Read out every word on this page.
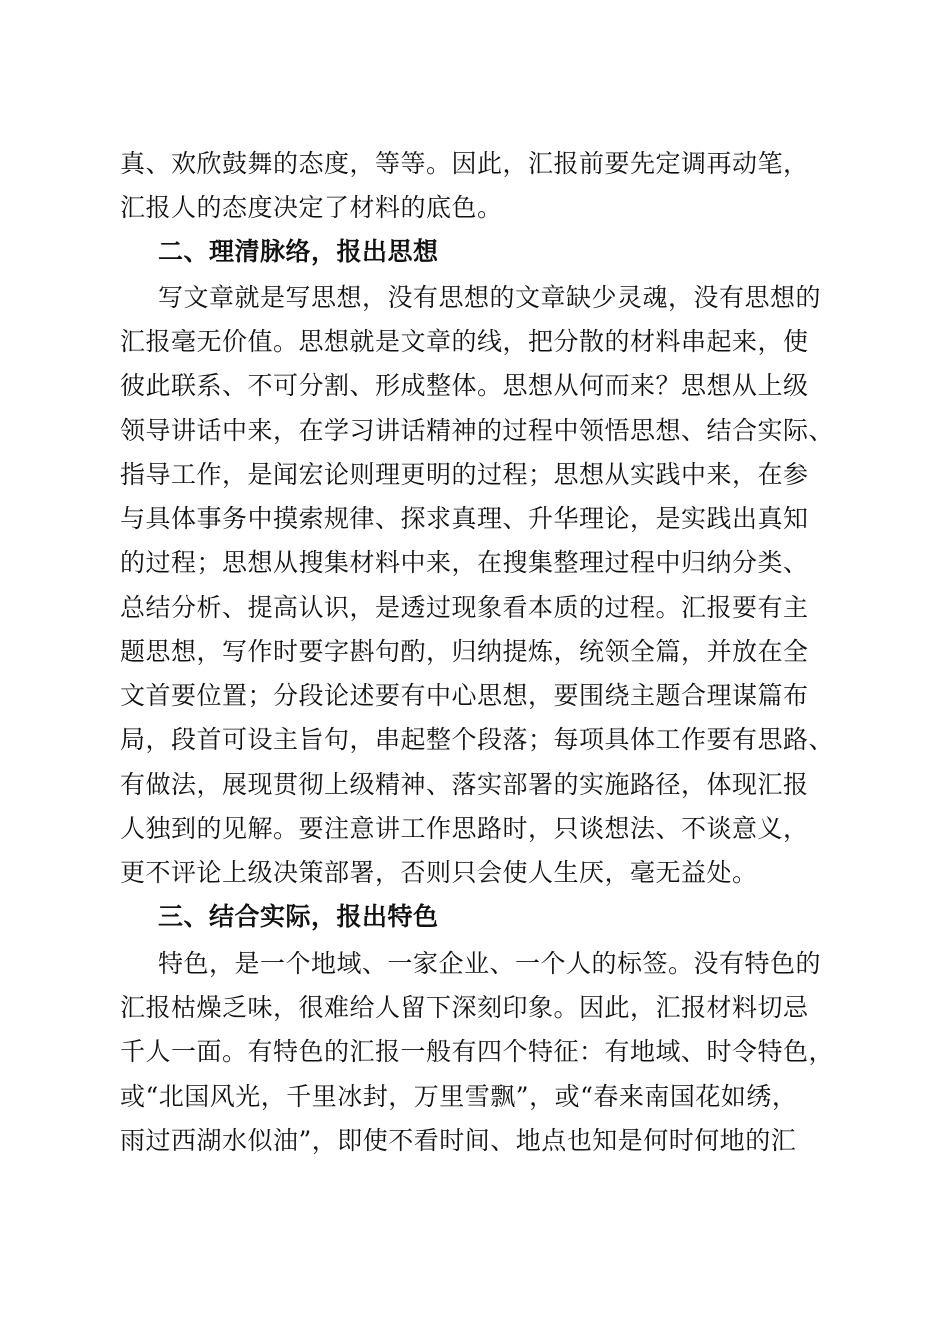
真、欢欣鼓舞的态度，等等。因此，汇报前要先定调再动笔，
汇报人的态度决定了材料的底色。
二、理清脉络，报出思想
写文章就是写思想，没有思想的文章缺少灵魂，没有思想的
汇报毫无价值。思想就是文章的线，把分散的材料串起来，使
彼此联系、不可分割、形成整体。思想从何而来？思想从上级
领导讲话中来，在学习讲话精神的过程中领悟思想、结合实际、
指导工作，是闻宏论则理更明的过程；思想从实践中来，在参
与具体事务中摸索规律、探求真理、升华理论，是实践出真知
的过程；思想从搜集材料中来，在搜集整理过程中归纳分类、
总结分析、提高认识，是透过现象看本质的过程。汇报要有主
题思想，写作时要字斟句酌，归纳提炼，统领全篇，并放在全
文首要位置；分段论述要有中心思想，要围绕主题合理谋篇布
局，段首可设主旨句，串起整个段落；每项具体工作要有思路、
有做法，展现贯彻上级精神、落实部署的实施路径，体现汇报
人独到的见解。要注意讲工作思路时，只谈想法、不谈意义，
更不评论上级决策部署，否则只会使人生厌，毫无益处。
三、结合实际，报出特色
特色，是一个地域、一家企业、一个人的标签。没有特色的
汇报枯燥乏味，很难给人留下深刻印象。因此，汇报材料切忌
千人一面。有特色的汇报一般有四个特征：有地域、时令特色，
或“北国风光，千里冰封，万里雪飘”，或“春来南国花如绣，
雨过西湖水似油”，即使不看时间、地点也知是何时何地的汇
